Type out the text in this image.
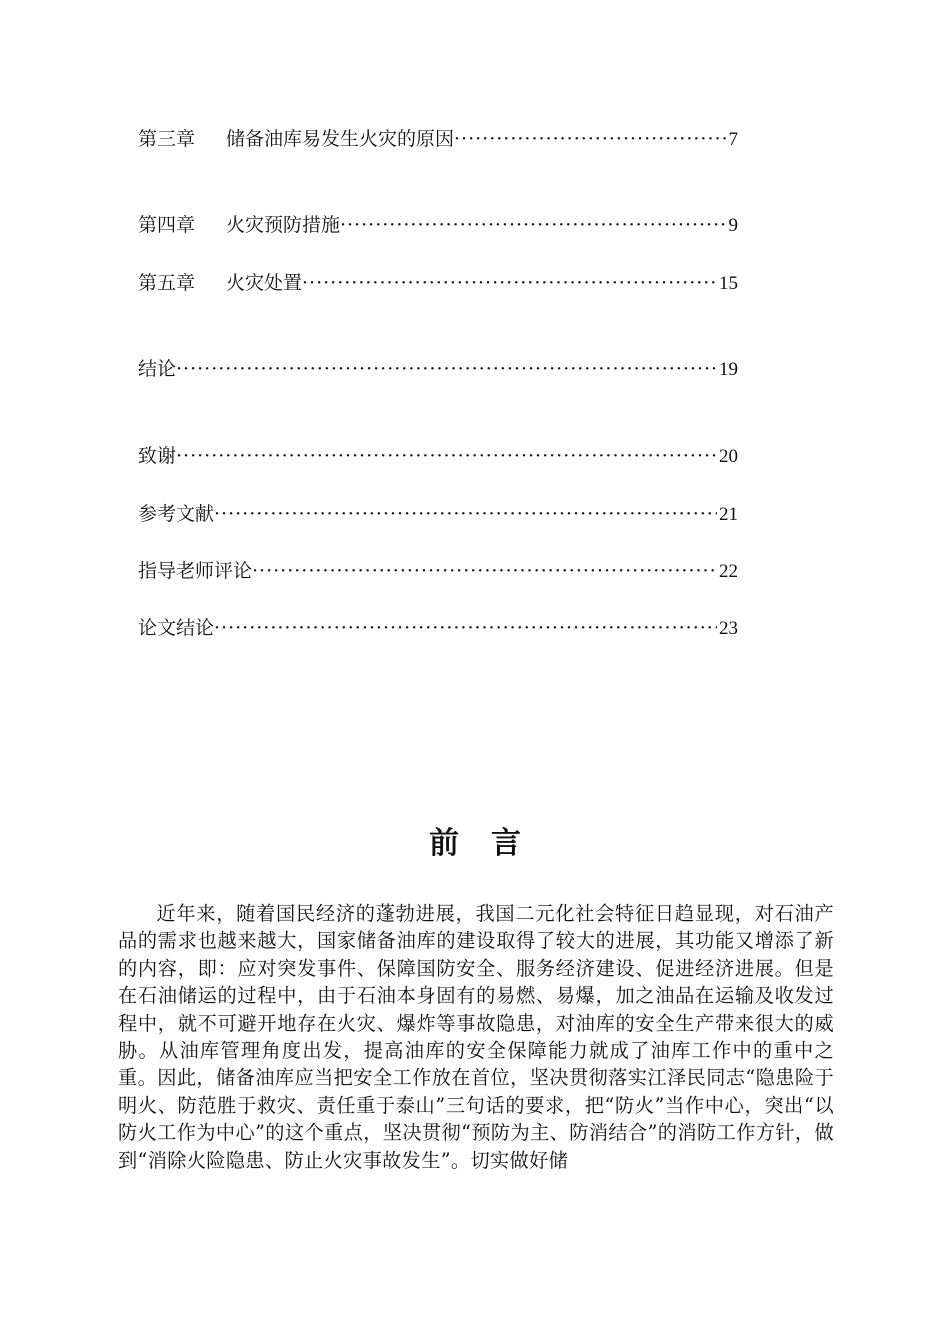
第三章	储备油库易发生火灾的原因 ·····	7
第四章	火灾预防措施 ·····	9
第五章	火灾处置 ·····	15
结论 ·····	19
致谢 ·····	20
参考文献 ·····	21
指导老师评论 ·····	22
论文结论 ·····	23
前言

近年来，随着国民经济的蓬勃进展，我国二元化社会特征日趋显现，对石油产品的需求也越来越大，国家储备油库的建设取得了较大的进展，其功能又增添了新的内容，即：应对突发事件、保障国防安全、服务经济建设、促进经济进展。但是在石油储运的过程中，由于石油本身固有的易燃、易爆，加之油品在运输及收发过程中，就不可避开地存在火灾、爆炸等事故隐患，对油库的安全生产带来很大的威胁。从油库管理角度出发，提高油库的安全保障能力就成了油库工作中的重中之重。因此，储备油库应当把安全工作放在首位，坚决贯彻落实江泽民同志“隐患险于明火、防范胜于救灾、责任重于泰山”三句话的要求，把“防火”当作中心，突出“以防火工作为中心”的这个重点，坚决贯彻“预防为主、防消结合”的消防工作方针，做到“消除火险隐患、防止火灾事故发生”。切实做好储
